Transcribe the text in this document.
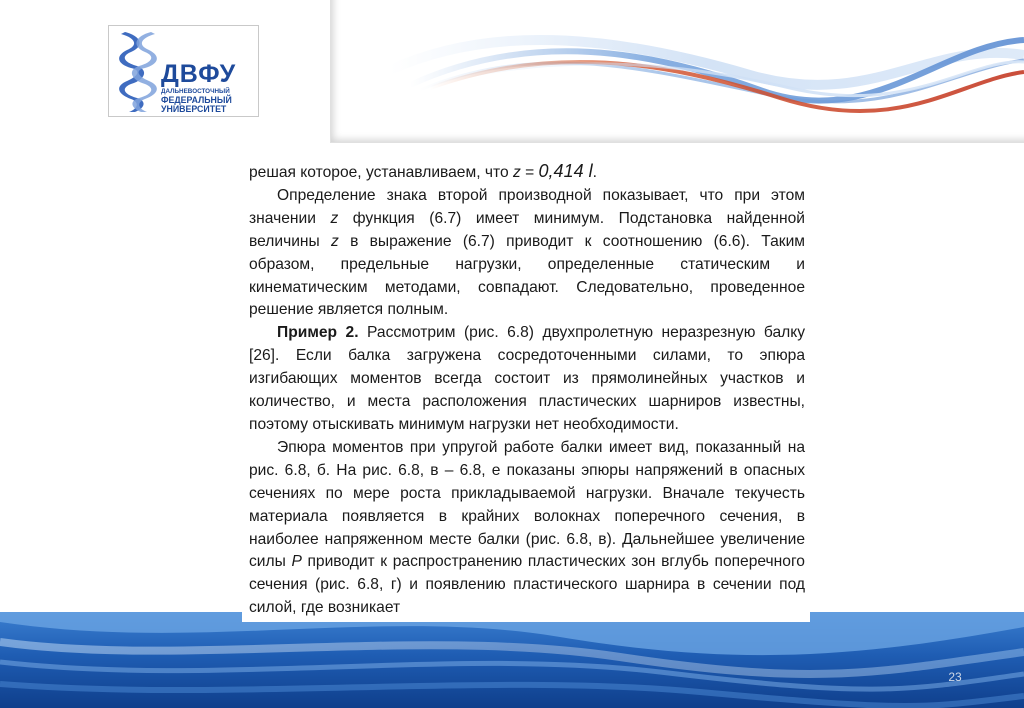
ДВФУ
ДАЛЬНЕВОСТОЧНЫЙ
ФЕДЕРАЛЬНЫЙ
УНИВЕРСИТЕТ

решая которое, устанавливаем, что z = 0,414 l.

Определение знака второй производной показывает, что при этом значении z функция (6.7) имеет минимум. Подстановка найденной величины z в выражение (6.7) приводит к соотношению (6.6). Таким образом, предельные нагрузки, определенные статическим и кинематическим методами, совпадают. Следовательно, проведенное решение является полным.

Пример 2. Рассмотрим (рис. 6.8) двухпролетную неразрезную балку [26]. Если балка загружена сосредоточенными силами, то эпюра изгибающих моментов всегда состоит из прямолинейных участков и количество, и места расположения пластических шарниров известны, поэтому отыскивать минимум нагрузки нет необходимости.

Эпюра моментов при упругой работе балки имеет вид, показанный на рис. 6.8, б. На рис. 6.8, в – 6.8, е показаны эпюры напряжений в опасных сечениях по мере роста прикладываемой нагрузки. Вначале текучесть материала появляется в крайних волокнах поперечного сечения, в наиболее напряженном месте балки (рис. 6.8, в). Дальнейшее увеличение силы P приводит к распространению пластических зон вглубь поперечного сечения (рис. 6.8, г) и появлению пластического шарнира в сечении под силой, где возникает

23
